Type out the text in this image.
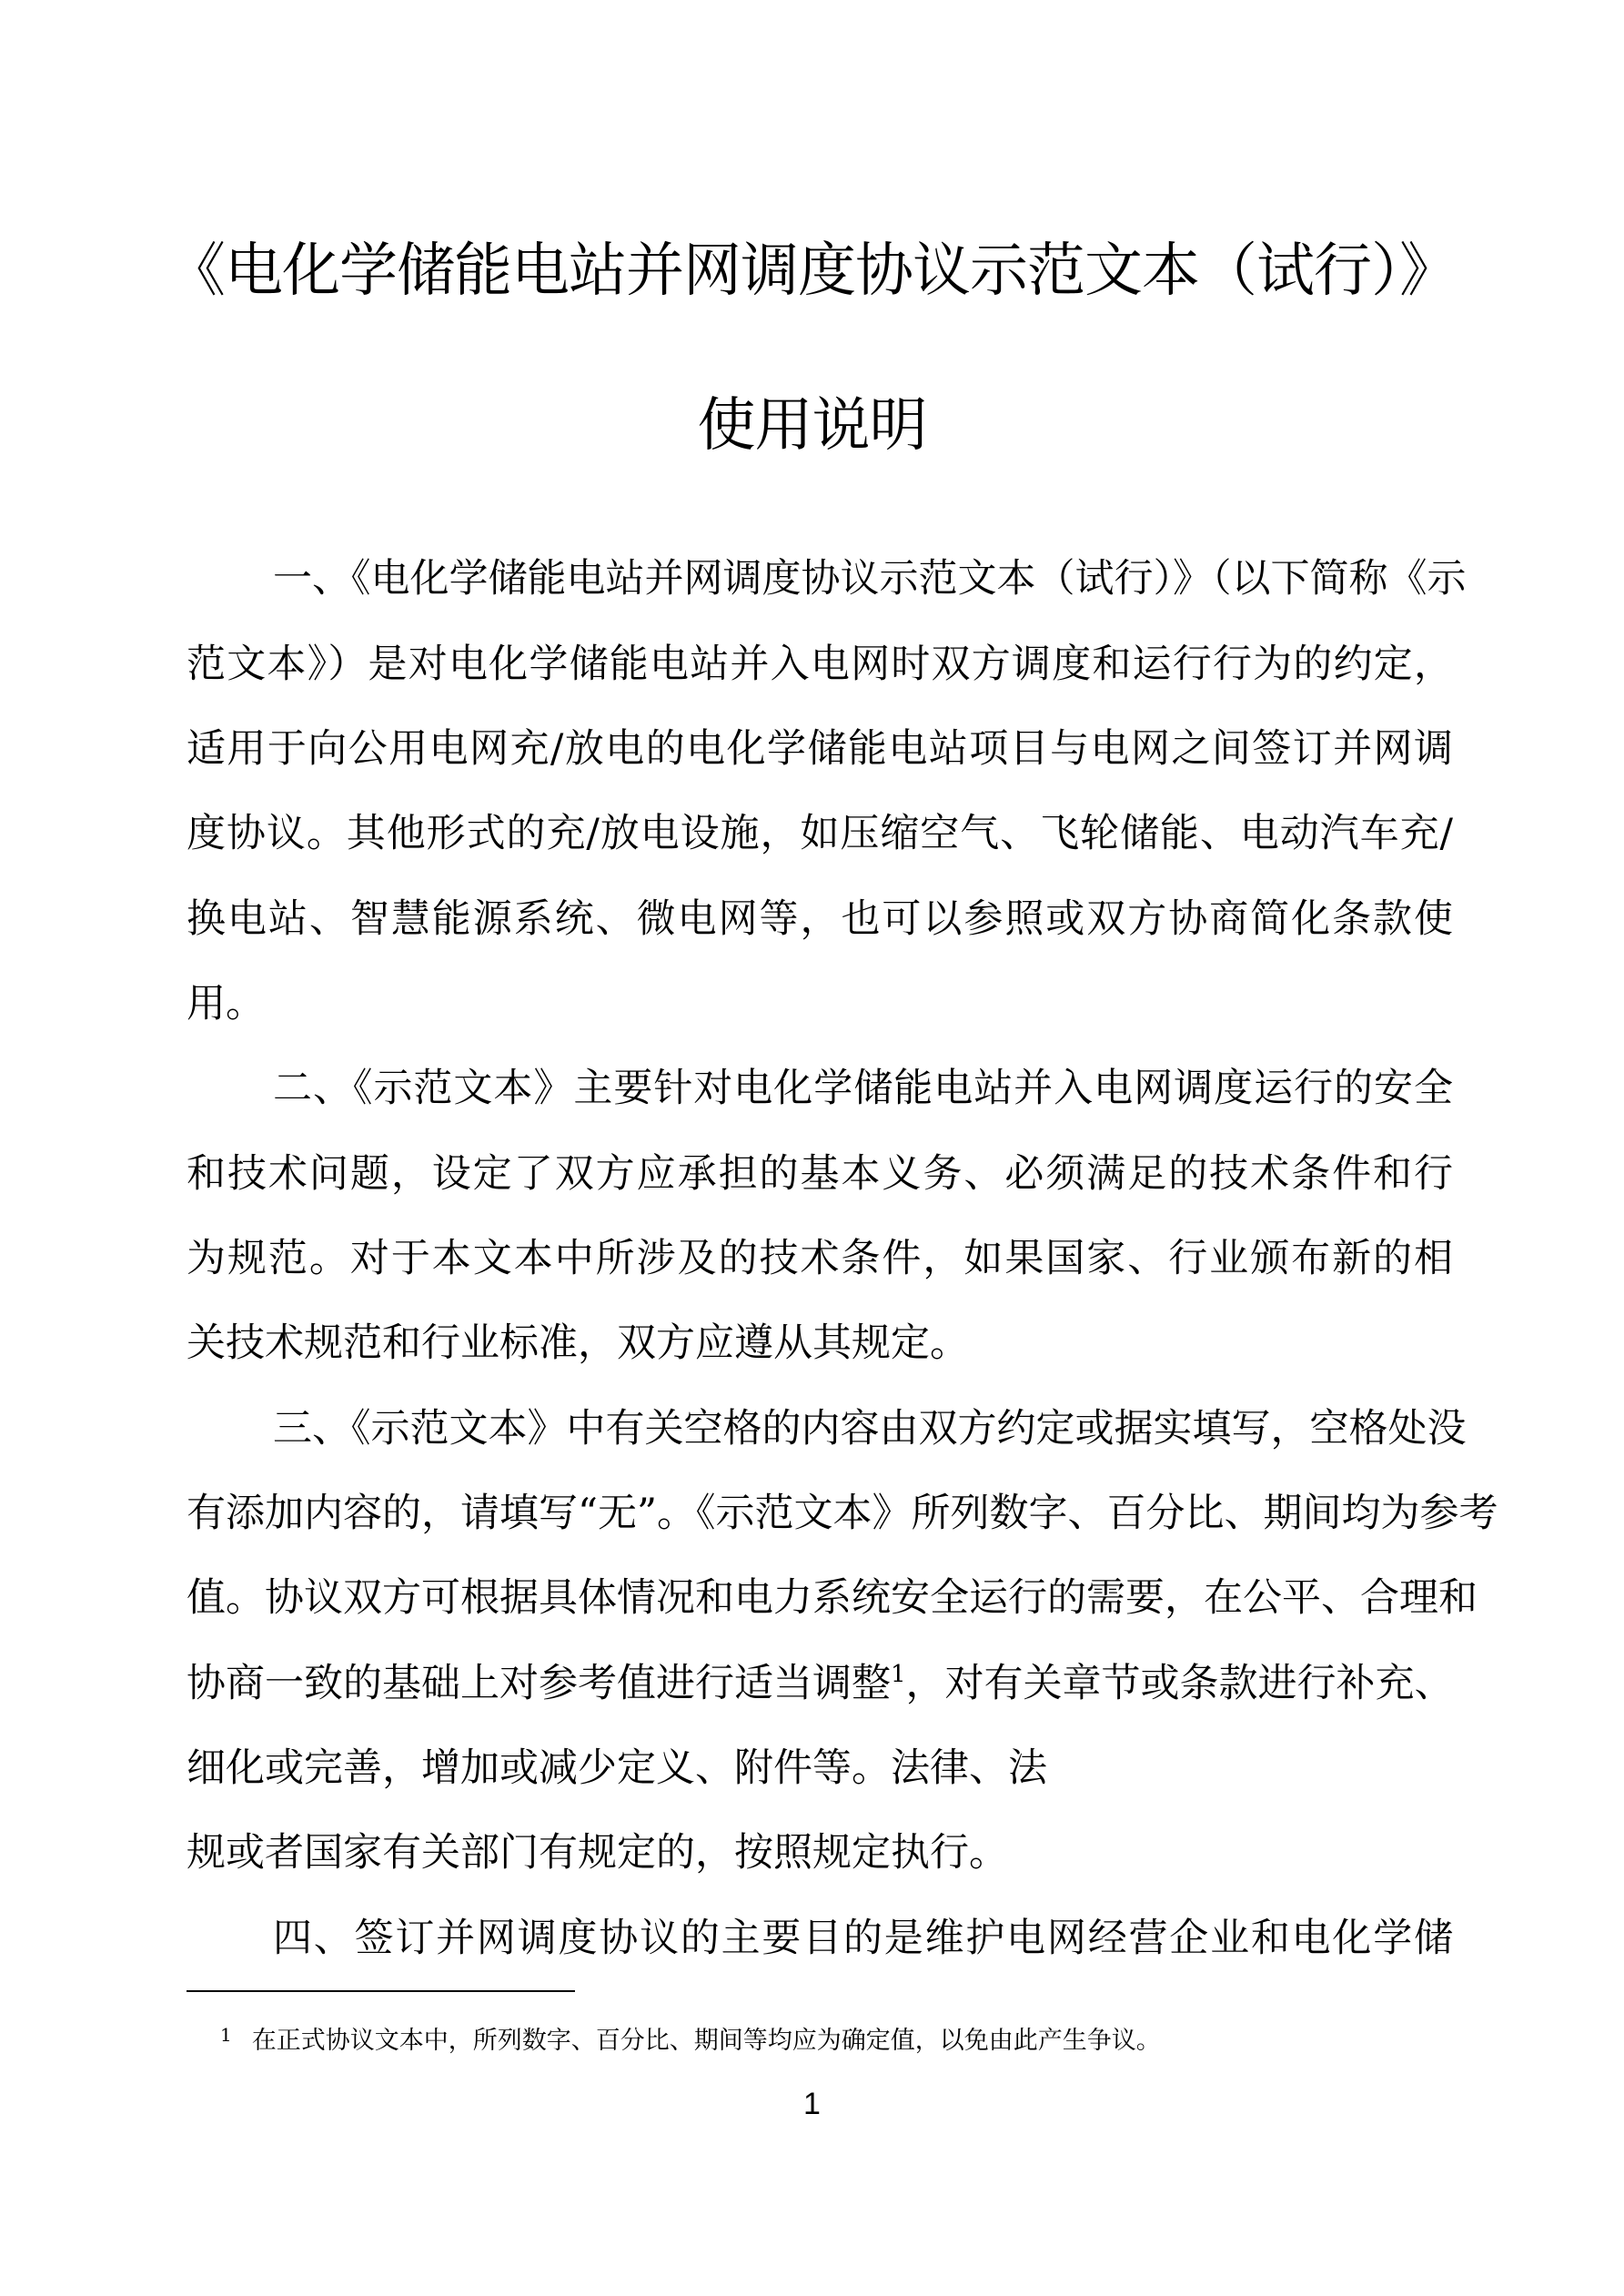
《电化学储能电站并网调度协议示范文本（试行）》
使用说明
一、《电化学储能电站并网调度协议示范文本（试行）》（以下简称《示
范文本》）是对电化学储能电站并入电网时双方调度和运行行为的约定，
适用于向公用电网充/放电的电化学储能电站项目与电网之间签订并网调
度协议。其他形式的充/放电设施，如压缩空气、飞轮储能、电动汽车充/
换电站、智慧能源系统、微电网等，也可以参照或双方协商简化条款使
用。
二、《示范文本》主要针对电化学储能电站并入电网调度运行的安全
和技术问题，设定了双方应承担的基本义务、必须满足的技术条件和行
为规范。对于本文本中所涉及的技术条件，如果国家、行业颁布新的相
关技术规范和行业标准，双方应遵从其规定。
三、《示范文本》中有关空格的内容由双方约定或据实填写，空格处没
有添加内容的，请填写“无”。《示范文本》所列数字、百分比、期间均为参考
值。协议双方可根据具体情况和电力系统安全运行的需要，在公平、合理和
协商一致的基础上对参考值进行适当调整$^1$，对有关章节或条款进行补充、
细化或完善，增加或减少定义、附件等。法律、法
规或者国家有关部门有规定的，按照规定执行。
四、签订并网调度协议的主要目的是维护电网经营企业和电化学储
$^1$ 在正式协议文本中，所列数字、百分比、期间等均应为确定值，以免由此产生争议。
1
